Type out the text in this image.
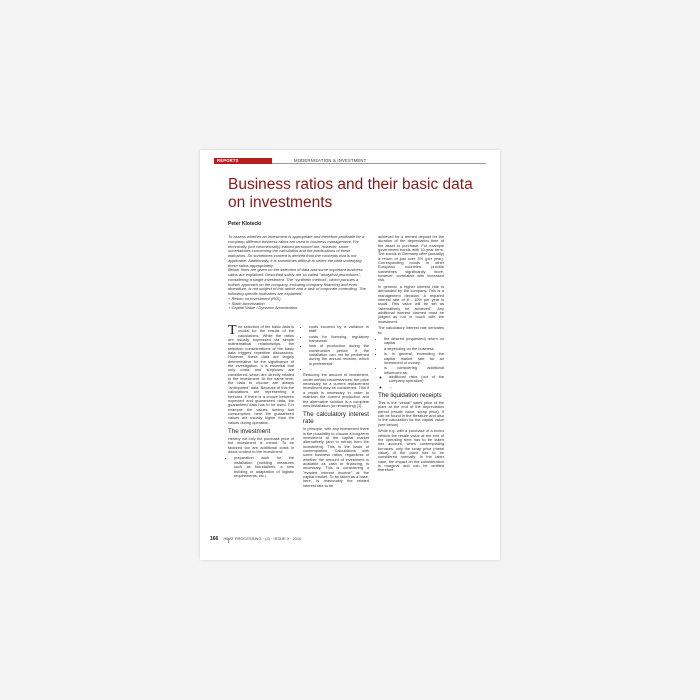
REPORTS	MODERNISATION & INVESTMENT
Business ratios and their basic data on investments
Peter Klotecki

To assess whether an investment is appropriate and therefore profitable for a company, different business ratios are used in business management. For technically (not commercially) trained personnel are, however, some uncertainties concerning the calculation and the predications of these indicators. So sometimes content is derived from the concepts that is not applicable. Additionally, it is sometimes difficult to select the data underlying these ratios appropriately.

Below, hints are given on the selection of data and some important business ratios are explained. Described solely are so called "analytical procedures", considering a single investment. The "synthetic method", which pursues a holistic approach on the company, including company financing and even divestiture, is not subject of this article and a task of corporate controlling. The following specific indicators are explained:

+ Return on Investment (ROI)
+ Static Amortization
+ Capital Value / Dynamic Amortization

The selection of the basic data is crucial for the results of the calculations. While the ratios are usually expressed via simple mathematical relationships, the selection considerations of the basic data triggers repetitive discussions. However, these data are largely determinative for the significance of the investigation. It is essential that only costs and surpluses are considered, which are directly related to the investment. At the same time, the data to choose are always "anticipated" data. Because of this the calculations are representing a forecast. If there is a choice between expected and guaranteed data, the guaranteed data has to be used. For example the values turning fuel consumption; here the guaranteed values are usually higher than the values during operation.

The investment

Hereby not only the purchase price of the investment is meant. To be factored too are additional costs in direct context to the investment:

• preparation work for the installation (building measures such as foundations, a new building or adaptation of logistic requirements, etc.)
• costs incurred by a variance in staff
• costs for licensing, regulatory framework
• loss of production during the construction period, if the installation can not be performed during the annual revision, which is preferential
• ...

Reducing the amount of investment, under certain circumstances, the price necessary for a current replacement investment may be considered. This if a repair is necessary in order to maintain the current production and the alternative solution is a complete new installation (or revamping) [1].

The calculatory interest rate

In principle, with any investment there is the possibility to choose a long-term investment at the capital market alternatively (and to refrain from the investment). This is the basis of contemplation. Calculations with some business ratios, regardless of whether the amount of investment is available as cash or financing, is necessary. This is considering a "evaded interest income" at the capital market. To be taken as a base, here, is reasonably the related interest rate to be

achieved for a termed deposit for the duration of the depreciation time of the asset to purchase. For example government bonds with 10-year term. The bonds in Germany offer (actually) a return of just over 3% (per year). Corresponding bonds in other European countries provide sometimes significantly more, however, correlative with increased risk.

In general, a higher interest rate is demanded by the company. This is a management decision. A required interest rate of 8 - 10% per year is usual. This value will be set as "alternatively be achieved". Any additional interest claimed must be judged as not in touch with the investment.

The calculatory interest rate derivates to:

• the desired (requested) return on capital
• a depending on the business
• is, in general, exceeding the capital market rate for an investment of money
• is considering additional influences as:
◦ additional risks (out of the company operation)
◦ ...
The liquidation receipts

This is the "virtual" sales price of the plant at the end of the depreciation period (resale value, scrap price). It can be found in the literature and also in the calculation for the capital value (see below).

While e.g. with a purchase of a motor vehicle the resale value at the end of the operating time has to be taken into account, when contemplating furnaces, only the scrap price (metal value) of the plant has to be considered normally. In the latter case, the impact on the consideration is marginal and can be omitted therefore.

166 HEAT PROCESSING · (4) · ISSUE 3 · 2010
